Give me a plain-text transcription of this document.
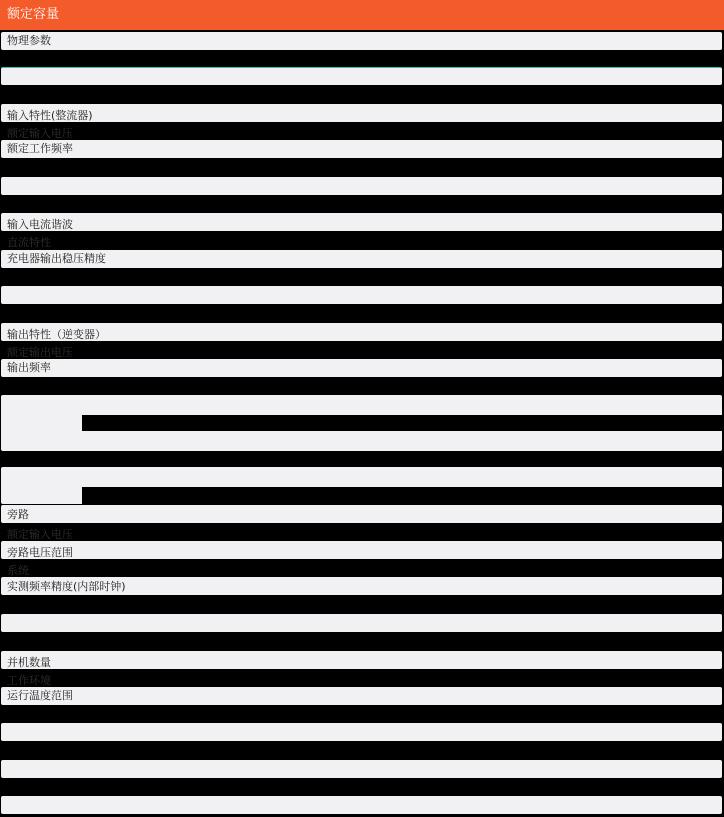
额定容量
物理参数
输入特性(整流器)
额定输入电压
额定工作频率
输入电流谐波
直流特性
充电器输出稳压精度
输出特性（逆变器）
额定输出电压
输出频率
旁路
额定输入电压
旁路电压范围
系统
实测频率精度(内部时钟)
并机数量
工作环境
运行温度范围
